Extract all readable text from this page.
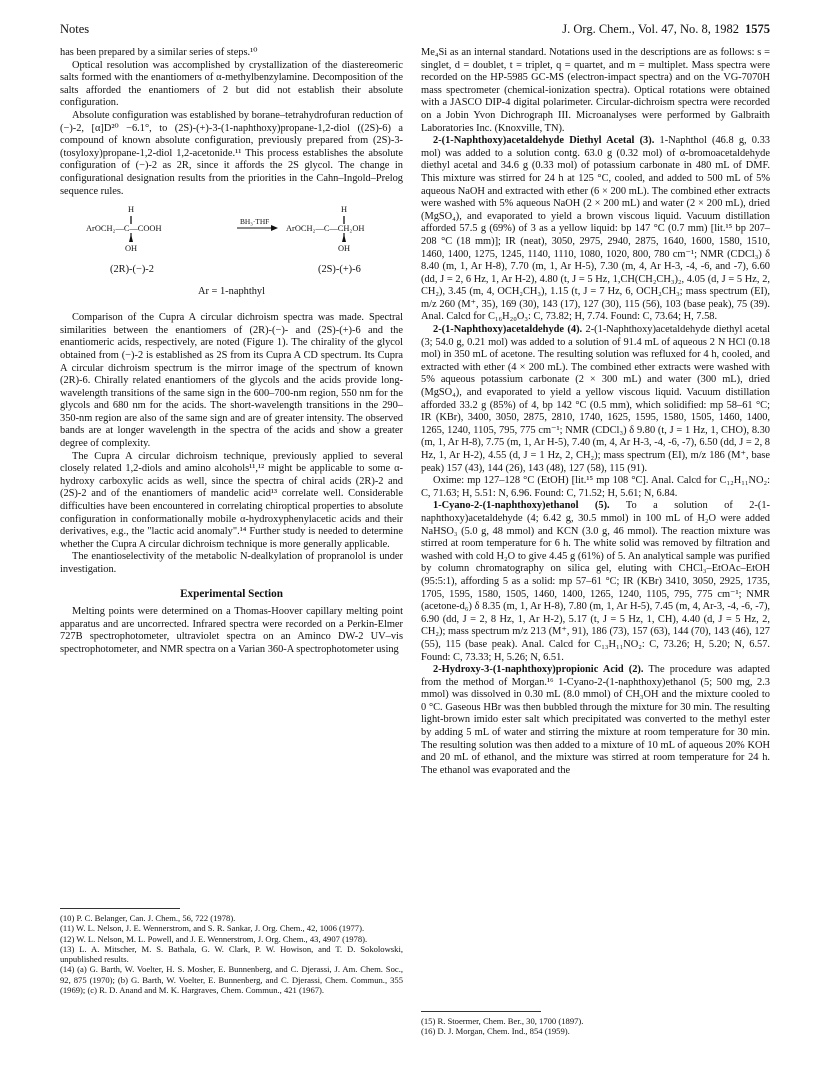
Notes	J. Org. Chem., Vol. 47, No. 8, 1982 1575

has been prepared by a similar series of steps.¹⁰

Optical resolution was accomplished by crystallization of the diastereomeric salts formed with the enantiomers of α-methylbenzylamine. Decomposition of the salts afforded the enantiomers of 2 but did not establish their absolute configuration.

Absolute configuration was established by borane–tetrahydrofuran reduction of (−)-2, [α]D²⁰ −6.1°, to (2S)-(+)-3-(1-naphthoxy)propane-1,2-diol ((2S)-6) a compound of known absolute configuration, previously prepared from (2S)-3-(tosyloxy)propane-1,2-diol 1,2-acetonide.¹¹ This process establishes the absolute configuration of (−)-2 as 2R, since it affords the 2S glycol. The change in configurational designation results from the priorities in the Cahn–Ingold–Prelog sequence rules.

H
ArOCH₂—C—COOH
OH
BH₃·THF
H
ArOCH₂—C—CH₂OH
OH
(2R)-(−)-2	(2S)-(+)-6
Ar = 1-naphthyl

Comparison of the Cupra A circular dichroism spectra was made. Spectral similarities between the enantiomers of (2R)-(−)- and (2S)-(+)-6 and the enantiomeric acids, respectively, are noted (Figure 1). The chirality of the glycol obtained from (−)-2 is established as 2S from its Cupra A CD spectrum. Its Cupra A circular dichroism spectrum is the mirror image of the spectrum of known (2R)-6. Chirally related enantiomers of the glycols and the acids provide long-wavelength transitions of the same sign in the 600–700-nm region, 550 nm for the glycols and 680 nm for the acids. The short-wavelength transitions in the 290–350-nm region are also of the same sign and are of greater intensity. The observed bands are at longer wavelength in the spectra of the acids and show a greater degree of complexity.

The Cupra A circular dichroism technique, previously applied to several closely related 1,2-diols and amino alcohols¹¹,¹² might be applicable to some α-hydroxy carboxylic acids as well, since the spectra of chiral acids (2R)-2 and (2S)-2 and of the enantiomers of mandelic acid¹³ correlate well. Considerable difficulties have been encountered in correlating chiroptical properties to absolute configuration in conformationally mobile α-hydroxyphenylacetic acids and their derivatives, e.g., the "lactic acid anomaly".¹⁴ Further study is needed to determine whether the Cupra A circular dichroism technique is more generally applicable.

The enantioselectivity of the metabolic N-dealkylation of propranolol is under investigation.

Experimental Section

Melting points were determined on a Thomas-Hoover capillary melting point apparatus and are uncorrected. Infrared spectra were recorded on a Perkin-Elmer 727B spectrophotometer, ultraviolet spectra on an Aminco DW-2 UV–vis spectrophotometer, and NMR spectra on a Varian 360-A spectrophotometer using

(10) P. C. Belanger, Can. J. Chem., 56, 722 (1978).
(11) W. L. Nelson, J. E. Wennerstrom, and S. R. Sankar, J. Org. Chem., 42, 1006 (1977).
(12) W. L. Nelson, M. L. Powell, and J. E. Wennerstrom, J. Org. Chem., 43, 4907 (1978).
(13) L. A. Mitscher, M. S. Bathala, G. W. Clark, P. W. Howison, and T. D. Sokolowski, unpublished results.
(14) (a) G. Barth, W. Voelter, H. S. Mosher, E. Bunnenberg, and C. Djerassi, J. Am. Chem. Soc., 92, 875 (1970); (b) G. Barth, W. Voelter, E. Bunnenberg, and C. Djerassi, Chem. Commun., 355 (1969); (c) R. D. Anand and M. K. Hargraves, Chem. Commun., 421 (1967).

Me₄Si as an internal standard. Notations used in the descriptions are as follows: s = singlet, d = doublet, t = triplet, q = quartet, and m = multiplet. Mass spectra were recorded on the HP-5985 GC-MS (electron-impact spectra) and on the VG-7070H mass spectrometer (chemical-ionization spectra). Optical rotations were obtained with a JASCO DIP-4 digital polarimeter. Circular-dichroism spectra were recorded on a Jobin Yvon Dichrograph III. Microanalyses were performed by Galbraith Laboratories Inc. (Knoxville, TN).

2-(1-Naphthoxy)acetaldehyde Diethyl Acetal (3). 1-Naphthol (46.8 g, 0.33 mol) was added to a solution contg. 63.0 g (0.32 mol) of α-bromoacetaldehyde diethyl acetal and 34.6 g (0.33 mol) of potassium carbonate in 480 mL of DMF. This mixture was stirred for 24 h at 125 °C, cooled, and added to 500 mL of 5% aqueous NaOH and extracted with ether (6 × 200 mL). The combined ether extracts were washed with 5% aqueous NaOH (2 × 200 mL) and water (2 × 200 mL), dried (MgSO₄), and evaporated to yield a brown viscous liquid. Vacuum distillation afforded 57.5 g (69%) of 3 as a yellow liquid: bp 147 °C (0.7 mm) [lit.¹⁵ bp 207–208 °C (18 mm)]; IR (neat), 3050, 2975, 2940, 2875, 1640, 1600, 1580, 1510, 1460, 1400, 1275, 1245, 1140, 1110, 1080, 1020, 800, 780 cm⁻¹; NMR (CDCl₃) δ 8.40 (m, 1, Ar H-8), 7.70 (m, 1, Ar H-5), 7.30 (m, 4, Ar H-3, -4, -6, and -7), 6.60 (dd, J = 2, 6 Hz, 1, Ar H-2), 4.80 (t, J = 5 Hz, 1,CH(CH₂CH₃)₂, 4.05 (d, J = 5 Hz, 2, CH₂), 3.45 (m, 4, OCH₂CH₃), 1.15 (t, J = 7 Hz, 6, OCH₂CH₃; mass spectrum (EI), m/z 260 (M⁺, 35), 169 (30), 143 (17), 127 (30), 115 (56), 103 (base peak), 75 (39). Anal. Calcd for C₁₆H₂₀O₃: C, 73.82; H, 7.74. Found: C, 73.64; H, 7.58.

2-(1-Naphthoxy)acetaldehyde (4). 2-(1-Naphthoxy)acetaldehyde diethyl acetal (3; 54.0 g, 0.21 mol) was added to a solution of 91.4 mL of aqueous 2 N HCl (0.18 mol) in 350 mL of acetone. The resulting solution was refluxed for 4 h, cooled, and extracted with ether (4 × 200 mL). The combined ether extracts were washed with 5% aqueous potassium carbonate (2 × 300 mL) and water (300 mL), dried (MgSO₄), and evaporated to yield a yellow viscous liquid. Vacuum distillation afforded 33.2 g (85%) of 4, bp 142 °C (0.5 mm), which solidified: mp 58–61 °C; IR (KBr), 3400, 3050, 2875, 2810, 1740, 1625, 1595, 1580, 1505, 1460, 1400, 1265, 1240, 1105, 795, 775 cm⁻¹; NMR (CDCl₃) δ 9.80 (t, J = 1 Hz, 1, CHO), 8.30 (m, 1, Ar H-8), 7.75 (m, 1, Ar H-5), 7.40 (m, 4, Ar H-3, -4, -6, -7), 6.50 (dd, J = 2, 8 Hz, 1, Ar H-2), 4.55 (d, J = 1 Hz, 2, CH₂); mass spectrum (EI), m/z 186 (M⁺, base peak) 157 (43), 144 (26), 143 (48), 127 (58), 115 (91).

Oxime: mp 127–128 °C (EtOH) [lit.¹⁵ mp 108 °C]. Anal. Calcd for C₁₂H₁₁NO₂: C, 71.63; H, 5.51: N, 6.96. Found: C, 71.52; H, 5.61; N, 6.84.

1-Cyano-2-(1-naphthoxy)ethanol (5). To a solution of 2-(1-naphthoxy)acetaldehyde (4; 6.42 g, 30.5 mmol) in 100 mL of H₂O were added NaHSO₃ (5.0 g, 48 mmol) and KCN (3.0 g, 46 mmol). The reaction mixture was stirred at room temperature for 6 h. The white solid was removed by filtration and washed with cold H₂O to give 4.45 g (61%) of 5. An analytical sample was purified by column chromatography on silica gel, eluting with CHCl₃–EtOAc–EtOH (95:5:1), affording 5 as a solid: mp 57–61 °C; IR (KBr) 3410, 3050, 2925, 1735, 1705, 1595, 1580, 1505, 1460, 1400, 1265, 1240, 1105, 795, 775 cm⁻¹; NMR (acetone-d₆) δ 8.35 (m, 1, Ar H-8), 7.80 (m, 1, Ar H-5), 7.45 (m, 4, Ar-3, -4, -6, -7), 6.90 (dd, J = 2, 8 Hz, 1, Ar H-2), 5.17 (t, J = 5 Hz, 1, CH), 4.40 (d, J = 5 Hz, 2, CH₂); mass spectrum m/z 213 (M⁺, 91), 186 (73), 157 (63), 144 (70), 143 (46), 127 (55), 115 (base peak). Anal. Calcd for C₁₃H₁₁NO₂: C, 73.26; H, 5.20; N, 6.57. Found: C, 73.33; H, 5.26; N, 6.51.

2-Hydroxy-3-(1-naphthoxy)propionic Acid (2). The procedure was adapted from the method of Morgan.¹⁶ 1-Cyano-2-(1-naphthoxy)ethanol (5; 500 mg, 2.3 mmol) was dissolved in 0.30 mL (8.0 mmol) of CH₃OH and the mixture cooled to 0 °C. Gaseous HBr was then bubbled through the mixture for 30 min. The resulting light-brown imido ester salt which precipitated was converted to the methyl ester by adding 5 mL of water and stirring the mixture at room temperature for 30 min. The resulting solution was then added to a mixture of 10 mL of aqueous 20% KOH and 20 mL of ethanol, and the mixture was stirred at room temperature for 24 h. The ethanol was evaporated and the

(15) R. Stoermer, Chem. Ber., 30, 1700 (1897).
(16) D. J. Morgan, Chem. Ind., 854 (1959).
